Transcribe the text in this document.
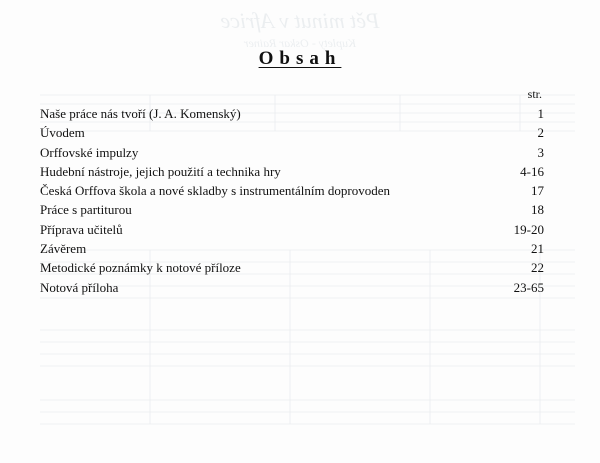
Pět minut v Africe
Kuplety - Oskar Rainer
Obsah
str.
Naše práce nás tvoří (J. A. Komenský)	1
Úvodem	2
Orffovské impulzy	3
Hudební nástroje, jejich použití a technika hry	4-16
Česká Orffova škola a nové skladby s instrumentálním doprovoden	17
Práce s partiturou	18
Příprava učitelů	19-20
Závěrem	21
Metodické poznámky k notové příloze	22
Notová příloha	23-65
